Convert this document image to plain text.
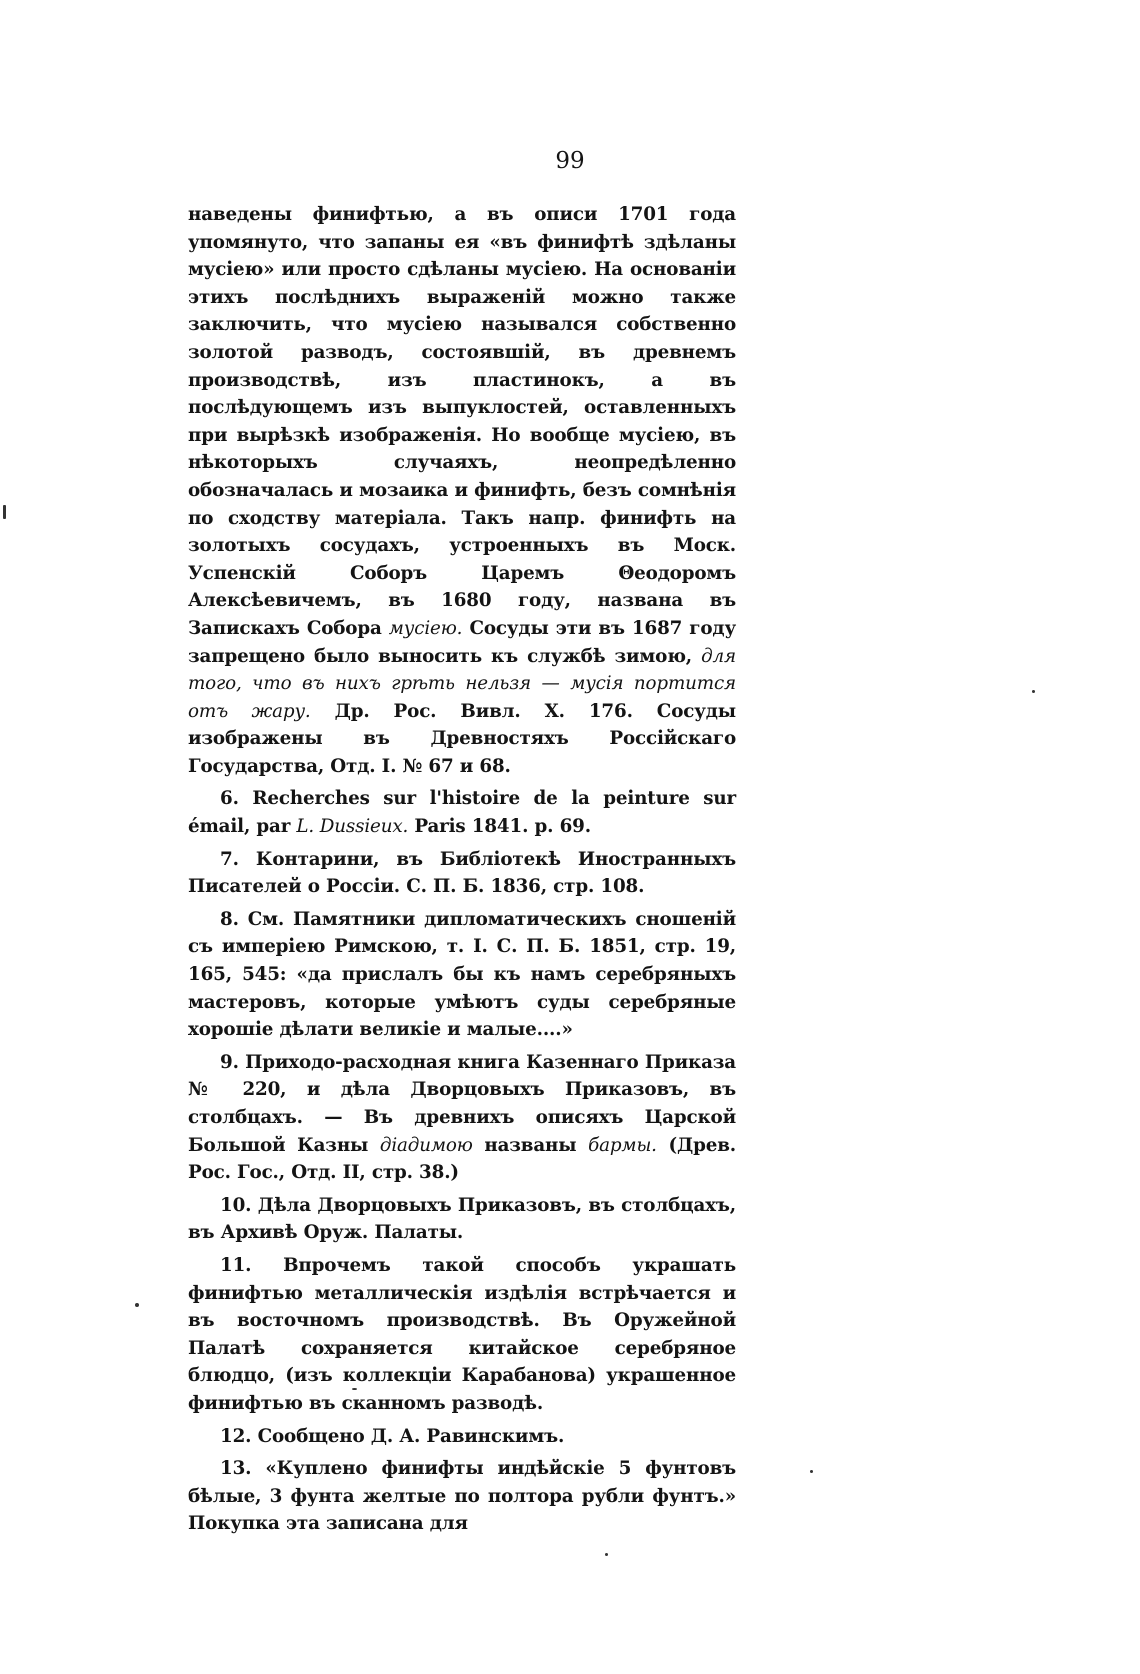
99

наведены финифтью, а въ описи 1701 года упомянуто, что запаны ея «въ финифтѣ здѣланы мусiею» или просто сдѣланы мусiею. На основанiи этихъ послѣднихъ выраженiй можно также заключить, что мусiею назывался собственно золотой разводъ, состоявшiй, въ древнемъ производствѣ, изъ пластинокъ, а въ послѣдующемъ изъ выпуклостей, оставленныхъ при вырѣзкѣ изображенiя. Но вообще мусiею, въ нѣкоторыхъ случаяхъ, неопредѣленно обозначалась и мозаика и финифть, безъ сомнѣнiя по сходству матерiала. Такъ напр. финифть на золотыхъ сосудахъ, устроенныхъ въ Моск. Успенскiй Соборъ Царемъ Θеодоромъ Алексѣевичемъ, въ 1680 году, названа въ Запискахъ Собора мусiею. Сосуды эти въ 1687 году запрещено было выносить къ службѣ зимою, для того, что въ нихъ грѣть нельзя — мусiя портится отъ жару. Др. Рос. Вивл. X. 176. Сосуды изображены въ Древностяхъ Россiйскаго Государства, Отд. I. № 67 и 68.

6. Recherches sur l'histoire de la peinture sur émail, par L. Dussieux. Paris 1841. p. 69.

7. Контарини, въ Библiотекѣ Иностранныхъ Писателей о Россiи. С. П. Б. 1836, стр. 108.

8. См. Памятники дипломатическихъ сношенiй съ имперiею Римскою, т. I. С. П. Б. 1851, стр. 19, 165, 545: «да прислалъ бы къ намъ серебряныхъ мастеровъ, которые умѣютъ суды серебряные хорошiе дѣлати великiе и малые....»

9. Приходо-расходная книга Казеннаго Приказа № 220, и дѣла Дворцовыхъ Приказовъ, въ столбцахъ. — Въ древнихъ описяхъ Царской Большой Казны дiадимою названы бармы. (Древ. Рос. Гос., Отд. II, стр. 38.)

10. Дѣла Дворцовыхъ Приказовъ, въ столбцахъ, въ Архивѣ Оруж. Палаты.

11. Впрочемъ такой способъ украшать финифтью металлическiя издѣлiя встрѣчается и въ восточномъ производствѣ. Въ Оружейной Палатѣ сохраняется китайское серебряное блюдцо, (изъ коллекцiи Карабанова) украшенное финифтью въ сканномъ разводѣ.

12. Сообщено Д. А. Равинскимъ.

13. «Куплено финифты индѣйскiе 5 фунтовъ бѣлые, 3 фунта желтые по полтора рубли фунтъ.» Покупка эта записана для
